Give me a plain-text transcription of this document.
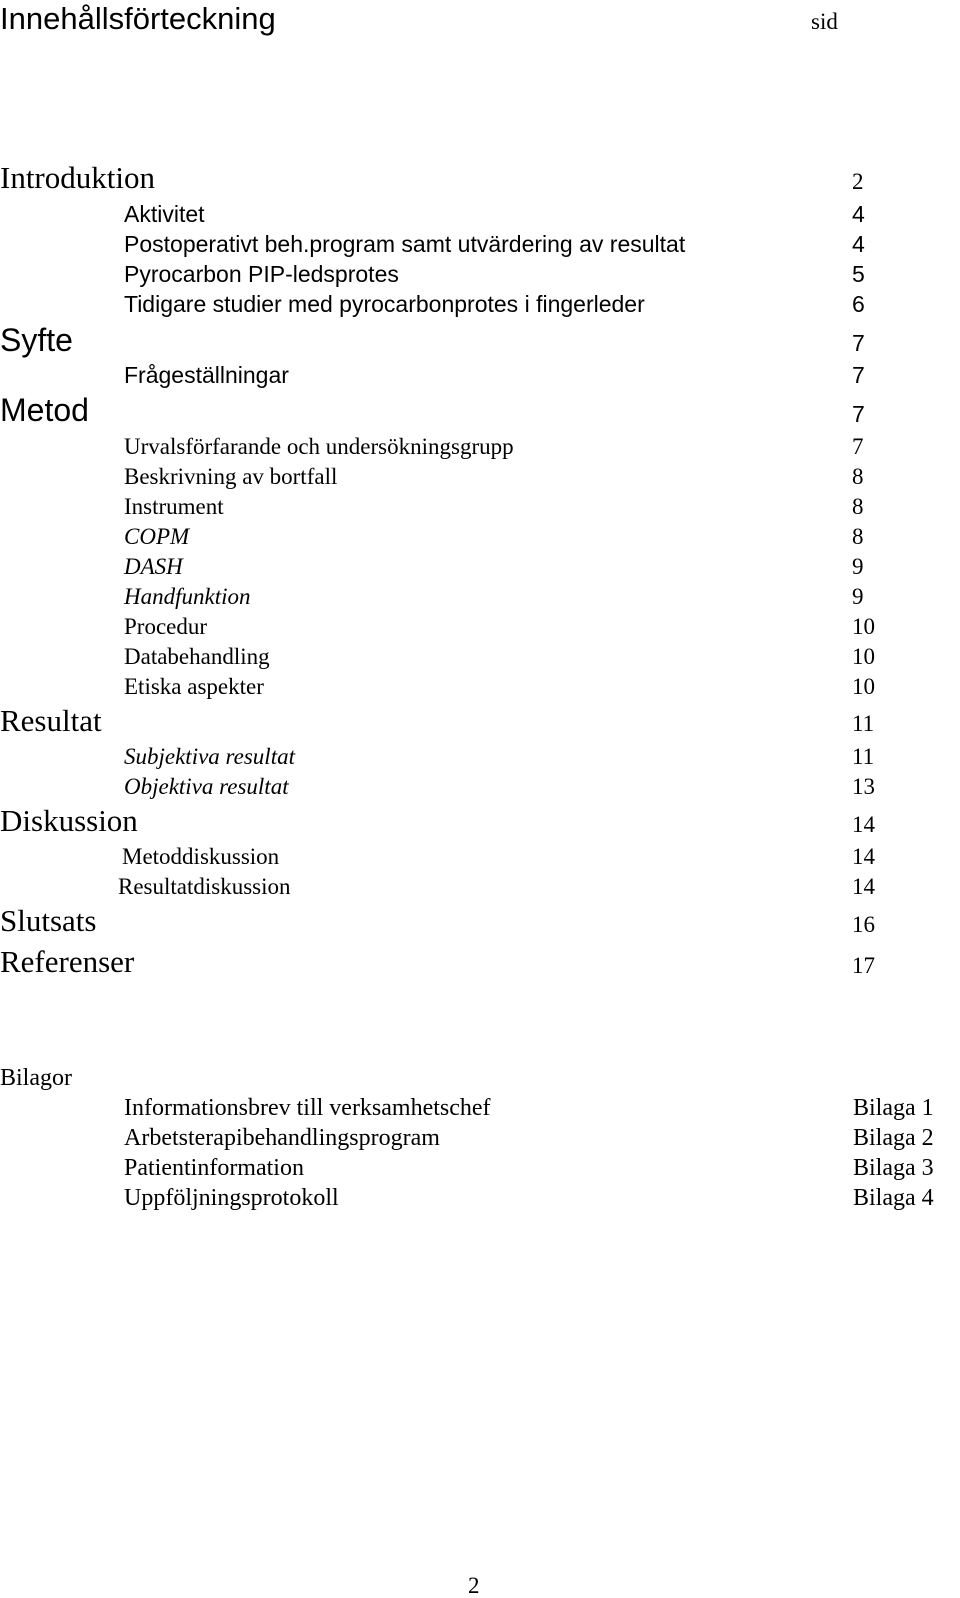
Innehållsförteckning	sid
Introduktion	2
Aktivitet	4
Postoperativt beh.program samt utvärdering av resultat	4
Pyrocarbon PIP-ledsprotes	5
Tidigare studier med pyrocarbonprotes i fingerleder	6
Syfte	7
Frågeställningar	7
Metod	7
Urvalsförfarande och undersökningsgrupp	7
Beskrivning av bortfall	8
Instrument	8
COPM	8
DASH	9
Handfunktion	9
Procedur	10
Databehandling	10
Etiska aspekter	10
Resultat	11
Subjektiva resultat	11
Objektiva resultat	13
Diskussion	14
Metoddiskussion	14
Resultatdiskussion	14
Slutsats	16
Referenser	17
Bilagor
Informationsbrev till verksamhetschef	Bilaga 1
Arbetsterapibehandlingsprogram	Bilaga 2
Patientinformation	Bilaga 3
Uppföljningsprotokoll	Bilaga 4
2
